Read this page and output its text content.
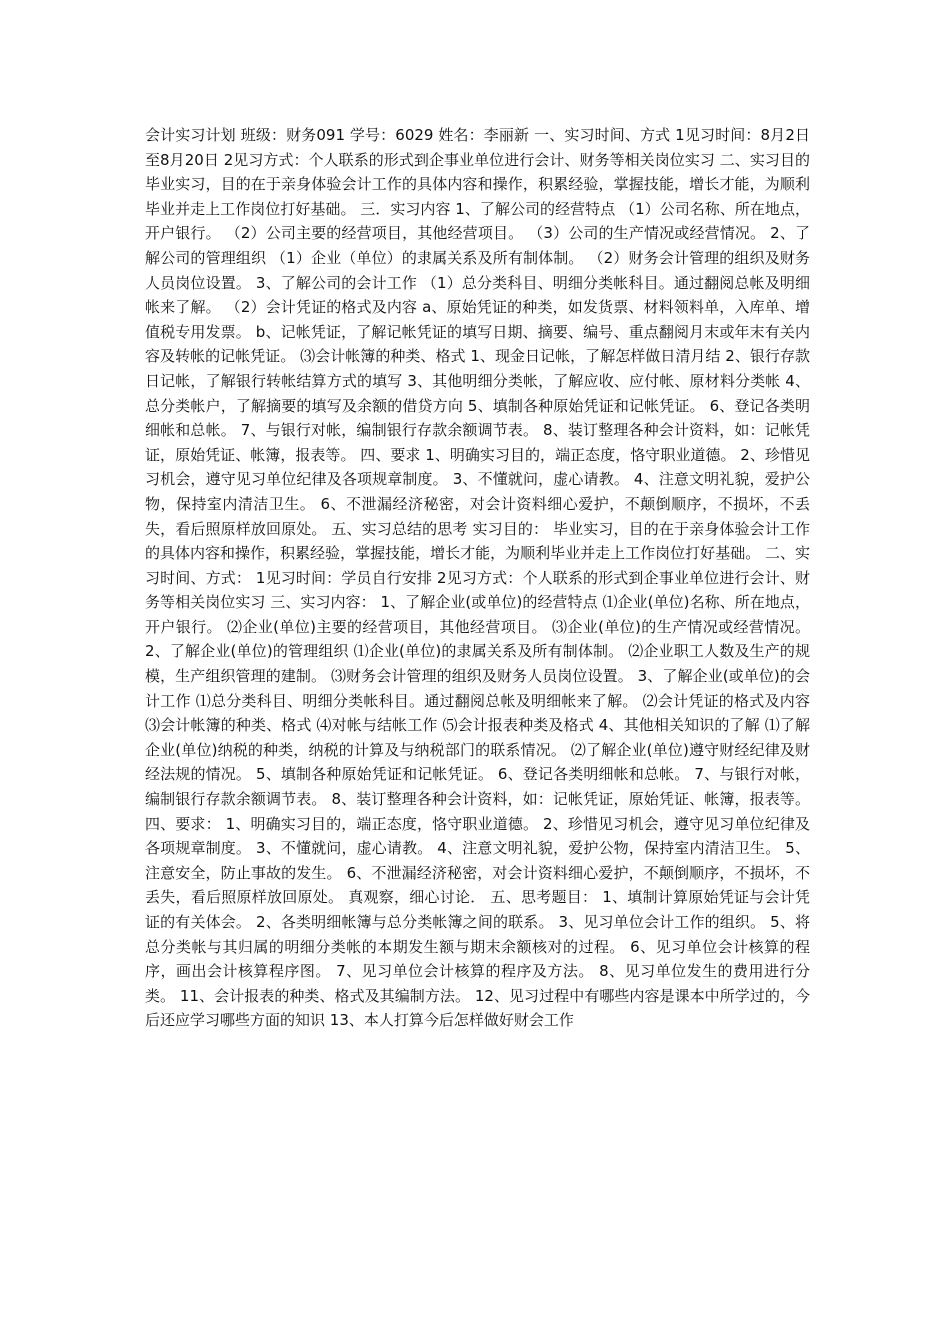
会计实习计划 班级：财务091 学号：6029 姓名：李丽新 一、实习时间、方式 1见习时间：8月2日至8月20日 2见习方式：个人联系的形式到企事业单位进行会计、财务等相关岗位实习 二、实习目的 毕业实习，目的在于亲身体验会计工作的具体内容和操作，积累经验，掌握技能，增长才能，为顺利毕业并走上工作岗位打好基础。 三．实习内容 1、了解公司的经营特点 （1）公司名称、所在地点，开户银行。 （2）公司主要的经营项目，其他经营项目。 （3）公司的生产情况或经营情况。 2、了解公司的管理组织 （1）企业（单位）的隶属关系及所有制体制。 （2）财务会计管理的组织及财务人员岗位设置。 3、了解公司的会计工作 （1）总分类科目、明细分类帐科目。通过翻阅总帐及明细帐来了解。 （2）会计凭证的格式及内容 a、原始凭证的种类，如发货票、材料领料单，入库单、增值税专用发票。 b、记帐凭证，了解记帐凭证的填写日期、摘要、编号、重点翻阅月末或年末有关内容及转帐的记帐凭证。 ⑶会计帐簿的种类、格式 1、现金日记帐，了解怎样做日清月结 2、银行存款日记帐，了解银行转帐结算方式的填写 3、其他明细分类帐，了解应收、应付帐、原材料分类帐 4、总分类帐户，了解摘要的填写及余额的借贷方向 5、填制各种原始凭证和记帐凭证。 6、登记各类明细帐和总帐。 7、与银行对帐，编制银行存款余额调节表。 8、装订整理各种会计资料，如：记帐凭证，原始凭证、帐簿，报表等。 四、要求 1、明确实习目的，端正态度，恪守职业道德。 2、珍惜见习机会，遵守见习单位纪律及各项规章制度。 3、不懂就问，虚心请教。 4、注意文明礼貌，爱护公物，保持室内清洁卫生。 6、不泄漏经济秘密，对会计资料细心爱护，不颠倒顺序，不损坏，不丢失，看后照原样放回原处。 五、实习总结的思考 实习目的： 毕业实习，目的在于亲身体验会计工作的具体内容和操作，积累经验，掌握技能，增长才能，为顺利毕业并走上工作岗位打好基础。 二、实习时间、方式： 1见习时间：学员自行安排 2见习方式：个人联系的形式到企事业单位进行会计、财务等相关岗位实习 三、实习内容： 1、了解企业(或单位)的经营特点 ⑴企业(单位)名称、所在地点，开户银行。 ⑵企业(单位)主要的经营项目，其他经营项目。 ⑶企业(单位)的生产情况或经营情况。 2、了解企业(单位)的管理组织 ⑴企业(单位)的隶属关系及所有制体制。 ⑵企业职工人数及生产的规模，生产组织管理的建制。 ⑶财务会计管理的组织及财务人员岗位设置。 3、了解企业(或单位)的会计工作 ⑴总分类科目、明细分类帐科目。通过翻阅总帐及明细帐来了解。 ⑵会计凭证的格式及内容 ⑶会计帐簿的种类、格式 ⑷对帐与结帐工作 ⑸会计报表种类及格式 4、其他相关知识的了解 ⑴了解企业(单位)纳税的种类，纳税的计算及与纳税部门的联系情况。 ⑵了解企业(单位)遵守财经纪律及财经法规的情况。 5、填制各种原始凭证和记帐凭证。 6、登记各类明细帐和总帐。 7、与银行对帐，编制银行存款余额调节表。 8、装订整理各种会计资料，如：记帐凭证，原始凭证、帐簿，报表等。 四、要求： 1、明确实习目的，端正态度，恪守职业道德。 2、珍惜见习机会，遵守见习单位纪律及各项规章制度。 3、不懂就问，虚心请教。 4、注意文明礼貌，爱护公物，保持室内清洁卫生。 5、注意安全，防止事故的发生。 6、不泄漏经济秘密，对会计资料细心爱护，不颠倒顺序，不损坏，不丢失，看后照原样放回原处。 真观察，细心讨论． 五、思考题目： 1、填制计算原始凭证与会计凭证的有关体会。 2、各类明细帐簿与总分类帐簿之间的联系。 3、见习单位会计工作的组织。 5、将总分类帐与其归属的明细分类帐的本期发生额与期末余额核对的过程。 6、见习单位会计核算的程序，画出会计核算程序图。 7、见习单位会计核算的程序及方法。 8、见习单位发生的费用进行分类。 11、会计报表的种类、格式及其编制方法。 12、见习过程中有哪些内容是课本中所学过的，今后还应学习哪些方面的知识 13、本人打算今后怎样做好财会工作
